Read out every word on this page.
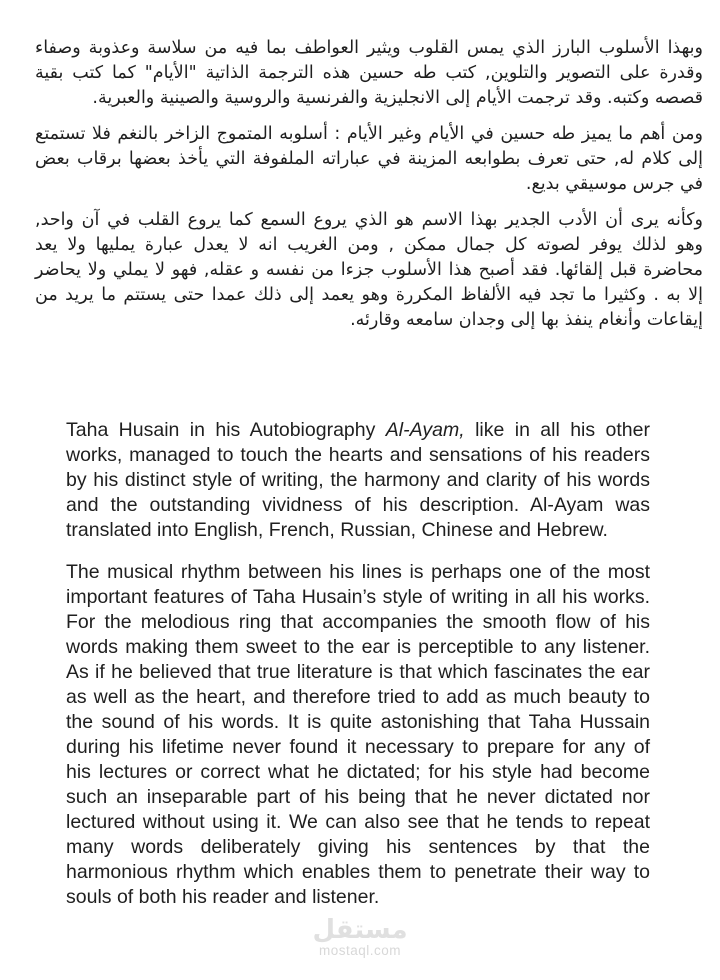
وبهذا الأسلوب البارز الذي يمس القلوب ويثير العواطف بما فيه من سلاسة وعذوبة وصفاء
وقدرة على التصوير والتلوين, كتب طه حسين هذه الترجمة الذاتية "الأيام" كما كتب بقية
قصصه وكتبه. وقد ترجمت الأيام إلى الانجليزية والفرنسية والروسية والصينية والعبرية.
ومن أهم ما يميز طه حسين في الأيام وغير الأيام : أسلوبه المتموج الزاخر بالنغم فلا تستمتع
إلى كلام له, حتى تعرف بطوابعه المزينة في عباراته الملفوفة التي يأخذ بعضها برقاب بعض
في جرس موسيقي بديع.
وكأنه يرى أن الأدب الجدير بهذا الاسم هو الذي يروع السمع كما يروع القلب في آن واحد,
وهو لذلك يوفر لصوته كل جمال ممكن , ومن الغريب انه لا يعدل عبارة يمليها ولا يعد
محاضرة قبل إلقائها. فقد أصبح هذا الأسلوب جزءا من نفسه و عقله, فهو لا يملي ولا يحاضر
إلا به . وكثيرا ما تجد فيه الألفاظ المكررة وهو يعمد إلى ذلك عمدا حتى يستتم ما يريد من
إيقاعات وأنغام ينفذ بها إلى وجدان سامعه وقارئه.
Taha Husain in his Autobiography Al-Ayam, like in all his other
works, managed to touch the hearts and sensations of his readers
by his distinct style of writing, the harmony and clarity of his words
and the outstanding vividness of his description. Al-Ayam was
translated into English, French, Russian, Chinese and Hebrew.
The musical rhythm between his lines is perhaps one of the most
important features of Taha Husain’s style of writing in all his works.
For the melodious ring that accompanies the smooth flow of his
words making them sweet to the ear is perceptible to any listener.
As if he believed that true literature is that which fascinates the ear
as well as the heart, and therefore tried to add as much beauty to
the sound of his words. It is quite astonishing that Taha Hussain
during his lifetime never found it necessary to prepare for any of
his lectures or correct what he dictated; for his style had become
such an inseparable part of his being that he never dictated nor
lectured without using it. We can also see that he tends to repeat
many words deliberately giving his sentences by that the
harmonious rhythm which enables them to penetrate their way to
souls of both his reader and listener.
مستقل
mostaql.com
